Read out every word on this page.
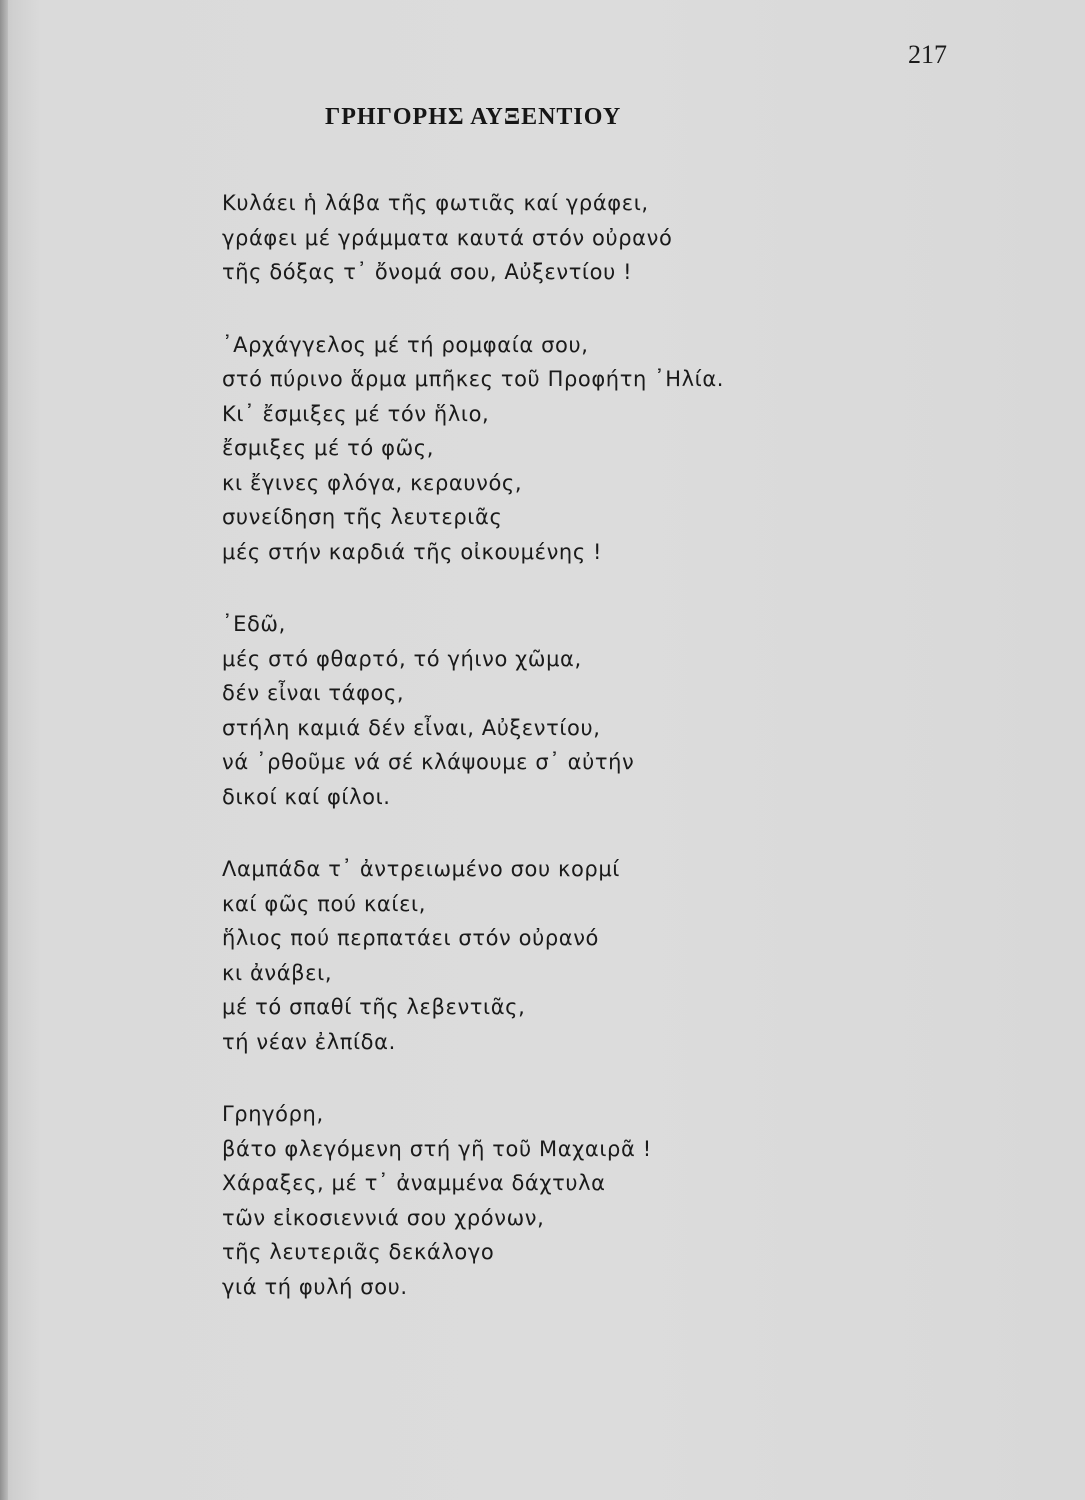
217
ΓΡΗΓΟΡΗΣ ΑΥΞΕΝΤΙΟΥ
Κυλάει ἡ λάβα τῆς φωτιᾶς καί γράφει,
γράφει μέ γράμματα καυτά στόν οὐρανό
τῆς δόξας τ᾽ ὄνομά σου, Αὐξεντίου !
᾽Αρχάγγελος μέ τή ρομφαία σου,
στό πύρινο ἅρμα μπῆκες τοῦ Προφήτη ᾽Ηλία.
Κι᾽ ἔσμιξες μέ τόν ἥλιο,
ἔσμιξες μέ τό φῶς,
κι ἔγινες φλόγα, κεραυνός,
συνείδηση τῆς λευτεριᾶς
μές στήν καρδιά τῆς οἰκουμένης !
᾽Εδῶ,
μές στό φθαρτό, τό γήινο χῶμα,
δέν εἶναι τάφος,
στήλη καμιά δέν εἶναι, Αὐξεντίου,
νά ᾽ρθοῦμε νά σέ κλάψουμε σ᾽ αὐτήν
δικοί καί φίλοι.
Λαμπάδα τ᾽ ἀντρειωμένο σου κορμί
καί φῶς πού καίει,
ἥλιος πού περπατάει στόν οὐρανό
κι ἀνάβει,
μέ τό σπαθί τῆς λεβεντιᾶς,
τή νέαν ἐλπίδα.
Γρηγόρη,
βάτο φλεγόμενη στή γῆ τοῦ Μαχαιρᾶ !
Χάραξες, μέ τ᾽ ἀναμμένα δάχτυλα
τῶν εἰκοσιεννιά σου χρόνων,
τῆς λευτεριᾶς δεκάλογο
γιά τή φυλή σου.
